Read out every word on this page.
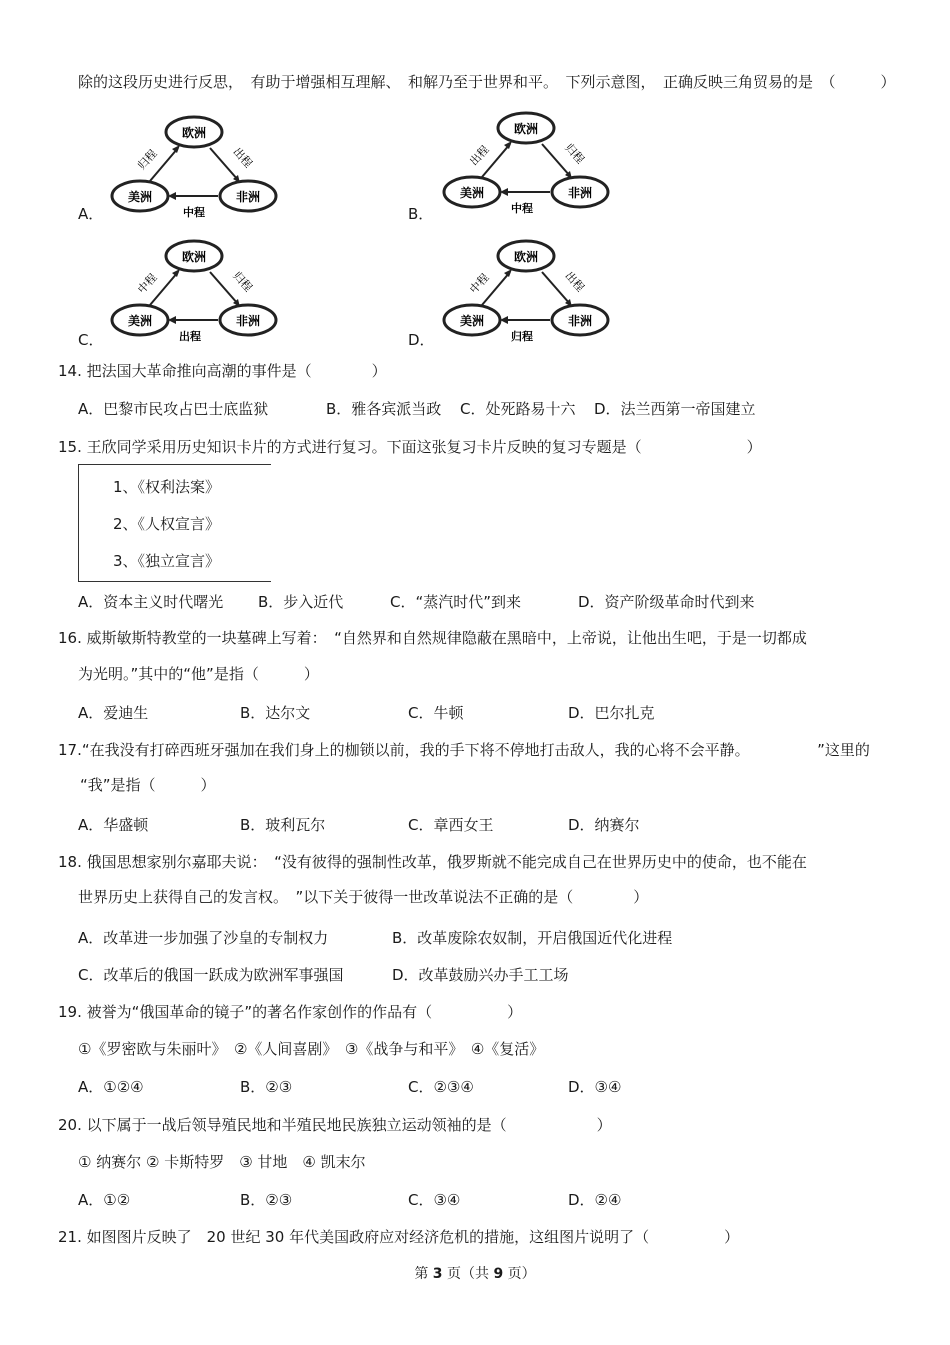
除的这段历史进行反思，　有助于增强相互理解、　和解乃至于世界和平。　下列示意图，　正确反映三角贸易的是　（　　　）
A．
欧洲
美洲	非洲
归程	出程
中程	B．
欧洲
美洲	非洲
出程	归程
中程
C．
欧洲
美洲	非洲
中程	归程
出程	D．
欧洲
美洲	非洲
中程	出程
归程
14. 把法国大革命推向高潮的事件是（　　　　）
A．巴黎市民攻占巴士底监狱	B．雅各宾派当政 C．处死路易十六 D．法兰西第一帝国建立
15. 王欣同学采用历史知识卡片的方式进行复习。下面这张复习卡片反映的复习专题是（　　　　　　　）
1、《权利法案》
2、《人权宣言》
3、《独立宣言》
A．资本主义时代曙光 B．步入近代	C．“蒸汽时代”到来	D．资产阶级革命时代到来
16. 威斯敏斯特教堂的一块墓碑上写着：　“自然界和自然规律隐蔽在黑暗中，上帝说，让他出生吧，于是一切都成
为光明。”其中的“他”是指（　　　）
A．爱迪生	B．达尔文	C．牛顿	D．巴尔扎克
17.“在我没有打碎西班牙强加在我们身上的枷锁以前，我的手下将不停地打击敌人，我的心将不会平静。　　　　　”这里的
“我”是指（　　　）
A．华盛顿	B．玻利瓦尔	C．章西女王	D．纳赛尔
18. 俄国思想家别尔嘉耶夫说：　“没有彼得的强制性改革，俄罗斯就不能完成自己在世界历史中的使命，也不能在
世界历史上获得自己的发言权。　”以下关于彼得一世改革说法不正确的是（　　　　）
A．改革进一步加强了沙皇的专制权力	B．改革废除农奴制，开启俄国近代化进程
C．改革后的俄国一跃成为欧洲军事强国	D．改革鼓励兴办手工工场
19. 被誉为“俄国革命的镜子”的著名作家创作的作品有（　　　　　）
①《罗密欧与朱丽叶》　②《人间喜剧》　③《战争与和平》　④《复活》
A．①②④	B．②③	C．②③④	D．③④
20. 以下属于一战后领导殖民地和半殖民地民族独立运动领袖的是（　　　　　　）
① 纳赛尔 ② 卡斯特罗　③ 甘地　④ 凯末尔
A．①②	B．②③	C．③④	D．②④
21. 如图图片反映了　20 世纪 30 年代美国政府应对经济危机的措施，这组图片说明了（　　　　　）
第 3 页（共 9 页）
